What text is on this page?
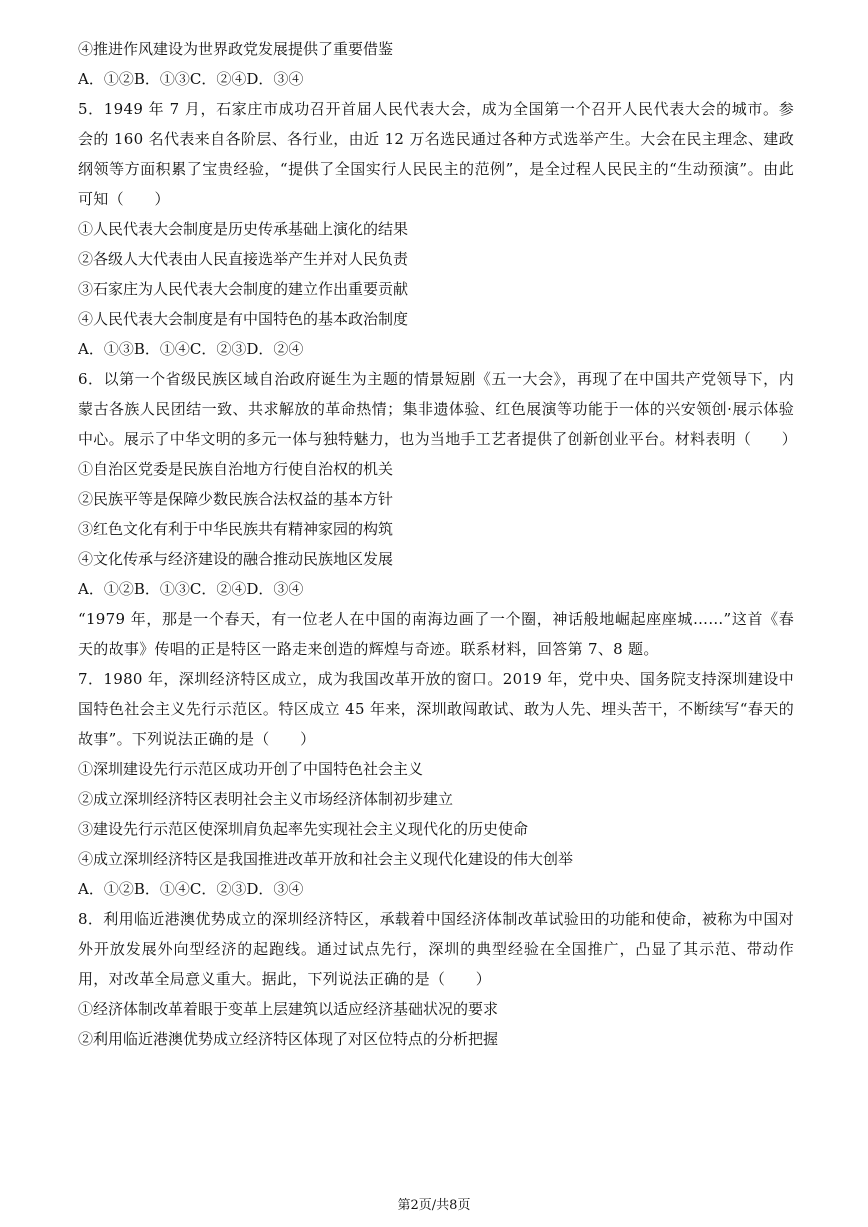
④推进作风建设为世界政党发展提供了重要借鉴
A．①②B．①③C．②④D．③④
5．1949 年 7 月，石家庄市成功召开首届人民代表大会，成为全国第一个召开人民代表大会的城市。参会的 160 名代表来自各阶层、各行业，由近 12 万名选民通过各种方式选举产生。大会在民主理念、建政纲领等方面积累了宝贵经验，“提供了全国实行人民民主的范例”，是全过程人民民主的“生动预演”。由此可知（　　）
①人民代表大会制度是历史传承基础上演化的结果
②各级人大代表由人民直接选举产生并对人民负责
③石家庄为人民代表大会制度的建立作出重要贡献
④人民代表大会制度是有中国特色的基本政治制度
A．①③B．①④C．②③D．②④
6．以第一个省级民族区域自治政府诞生为主题的情景短剧《五一大会》，再现了在中国共产党领导下，内蒙古各族人民团结一致、共求解放的革命热情；集非遗体验、红色展演等功能于一体的兴安领创·展示体验中心。展示了中华文明的多元一体与独特魅力，也为当地手工艺者提供了创新创业平台。材料表明（　　）
①自治区党委是民族自治地方行使自治权的机关
②民族平等是保障少数民族合法权益的基本方针
③红色文化有利于中华民族共有精神家园的构筑
④文化传承与经济建设的融合推动民族地区发展
A．①②B．①③C．②④D．③④
“1979 年，那是一个春天，有一位老人在中国的南海边画了一个圈，神话般地崛起座座城……”这首《春天的故事》传唱的正是特区一路走来创造的辉煌与奇迹。联系材料，回答第 7、8 题。
7．1980 年，深圳经济特区成立，成为我国改革开放的窗口。2019 年，党中央、国务院支持深圳建设中国特色社会主义先行示范区。特区成立 45 年来，深圳敢闯敢试、敢为人先、埋头苦干，不断续写“春天的故事”。下列说法正确的是（　　）
①深圳建设先行示范区成功开创了中国特色社会主义
②成立深圳经济特区表明社会主义市场经济体制初步建立
③建设先行示范区使深圳肩负起率先实现社会主义现代化的历史使命
④成立深圳经济特区是我国推进改革开放和社会主义现代化建设的伟大创举
A．①②B．①④C．②③D．③④
8．利用临近港澳优势成立的深圳经济特区，承载着中国经济体制改革试验田的功能和使命，被称为中国对外开放发展外向型经济的起跑线。通过试点先行，深圳的典型经验在全国推广，凸显了其示范、带动作用，对改革全局意义重大。据此，下列说法正确的是（　　）
①经济体制改革着眼于变革上层建筑以适应经济基础状况的要求
②利用临近港澳优势成立经济特区体现了对区位特点的分析把握
第2页/共8页
